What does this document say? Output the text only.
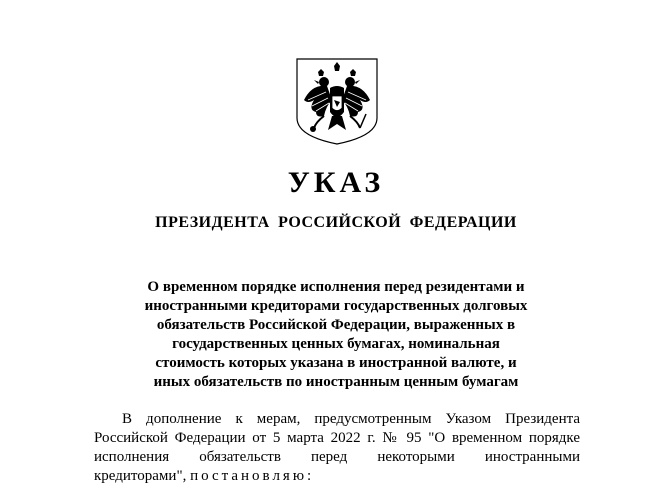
УКАЗ
ПРЕЗИДЕНТА РОССИЙСКОЙ ФЕДЕРАЦИИ
О временном порядке исполнения перед резидентами и
иностранными кредиторами государственных долговых
обязательств Российской Федерации, выраженных в
государственных ценных бумагах, номинальная
стоимость которых указана в иностранной валюте, и
иных обязательств по иностранным ценным бумагам
В дополнение к мерам, предусмотренным Указом Президента
Российской Федерации от 5 марта 2022 г. № 95 "О временном порядке
исполнения обязательств перед некоторыми иностранными
кредиторами", постановляю:
